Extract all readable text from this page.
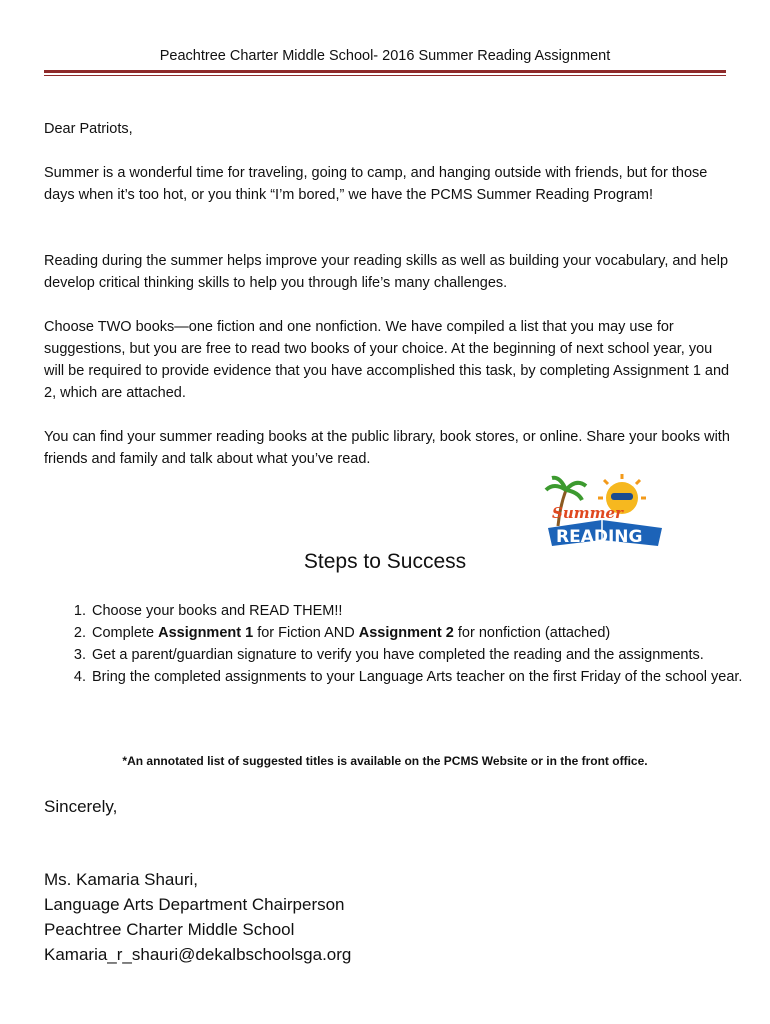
Peachtree Charter Middle School- 2016 Summer Reading Assignment

Dear Patriots,

Summer is a wonderful time for traveling, going to camp, and hanging outside with friends, but for those days when it’s too hot, or you think “I’m bored,” we have the PCMS Summer Reading Program!

Reading during the summer helps improve your reading skills as well as building your vocabulary, and help develop critical thinking skills to help you through life’s many challenges.

Choose TWO books—one fiction and one nonfiction. We have compiled a list that you may use for suggestions, but you are free to read two books of your choice. At the beginning of next school year, you will be required to provide evidence that you have accomplished this task, by completing Assignment 1 and 2, which are attached.

You can find your summer reading books at the public library, book stores, or online. Share your books with friends and family and talk about what you’ve read.

Summer
READING
Steps to Success
1. Choose your books and READ THEM!!
2. Complete Assignment 1 for Fiction AND Assignment 2 for nonfiction (attached)
3. Get a parent/guardian signature to verify you have completed the reading and the assignments.
4. Bring the completed assignments to your Language Arts teacher on the first Friday of the school year.
*An annotated list of suggested titles is available on the PCMS Website or in the front office.
Sincerely,
Ms. Kamaria Shauri,
Language Arts Department Chairperson
Peachtree Charter Middle School
Kamaria_r_shauri@dekalbschoolsga.org
